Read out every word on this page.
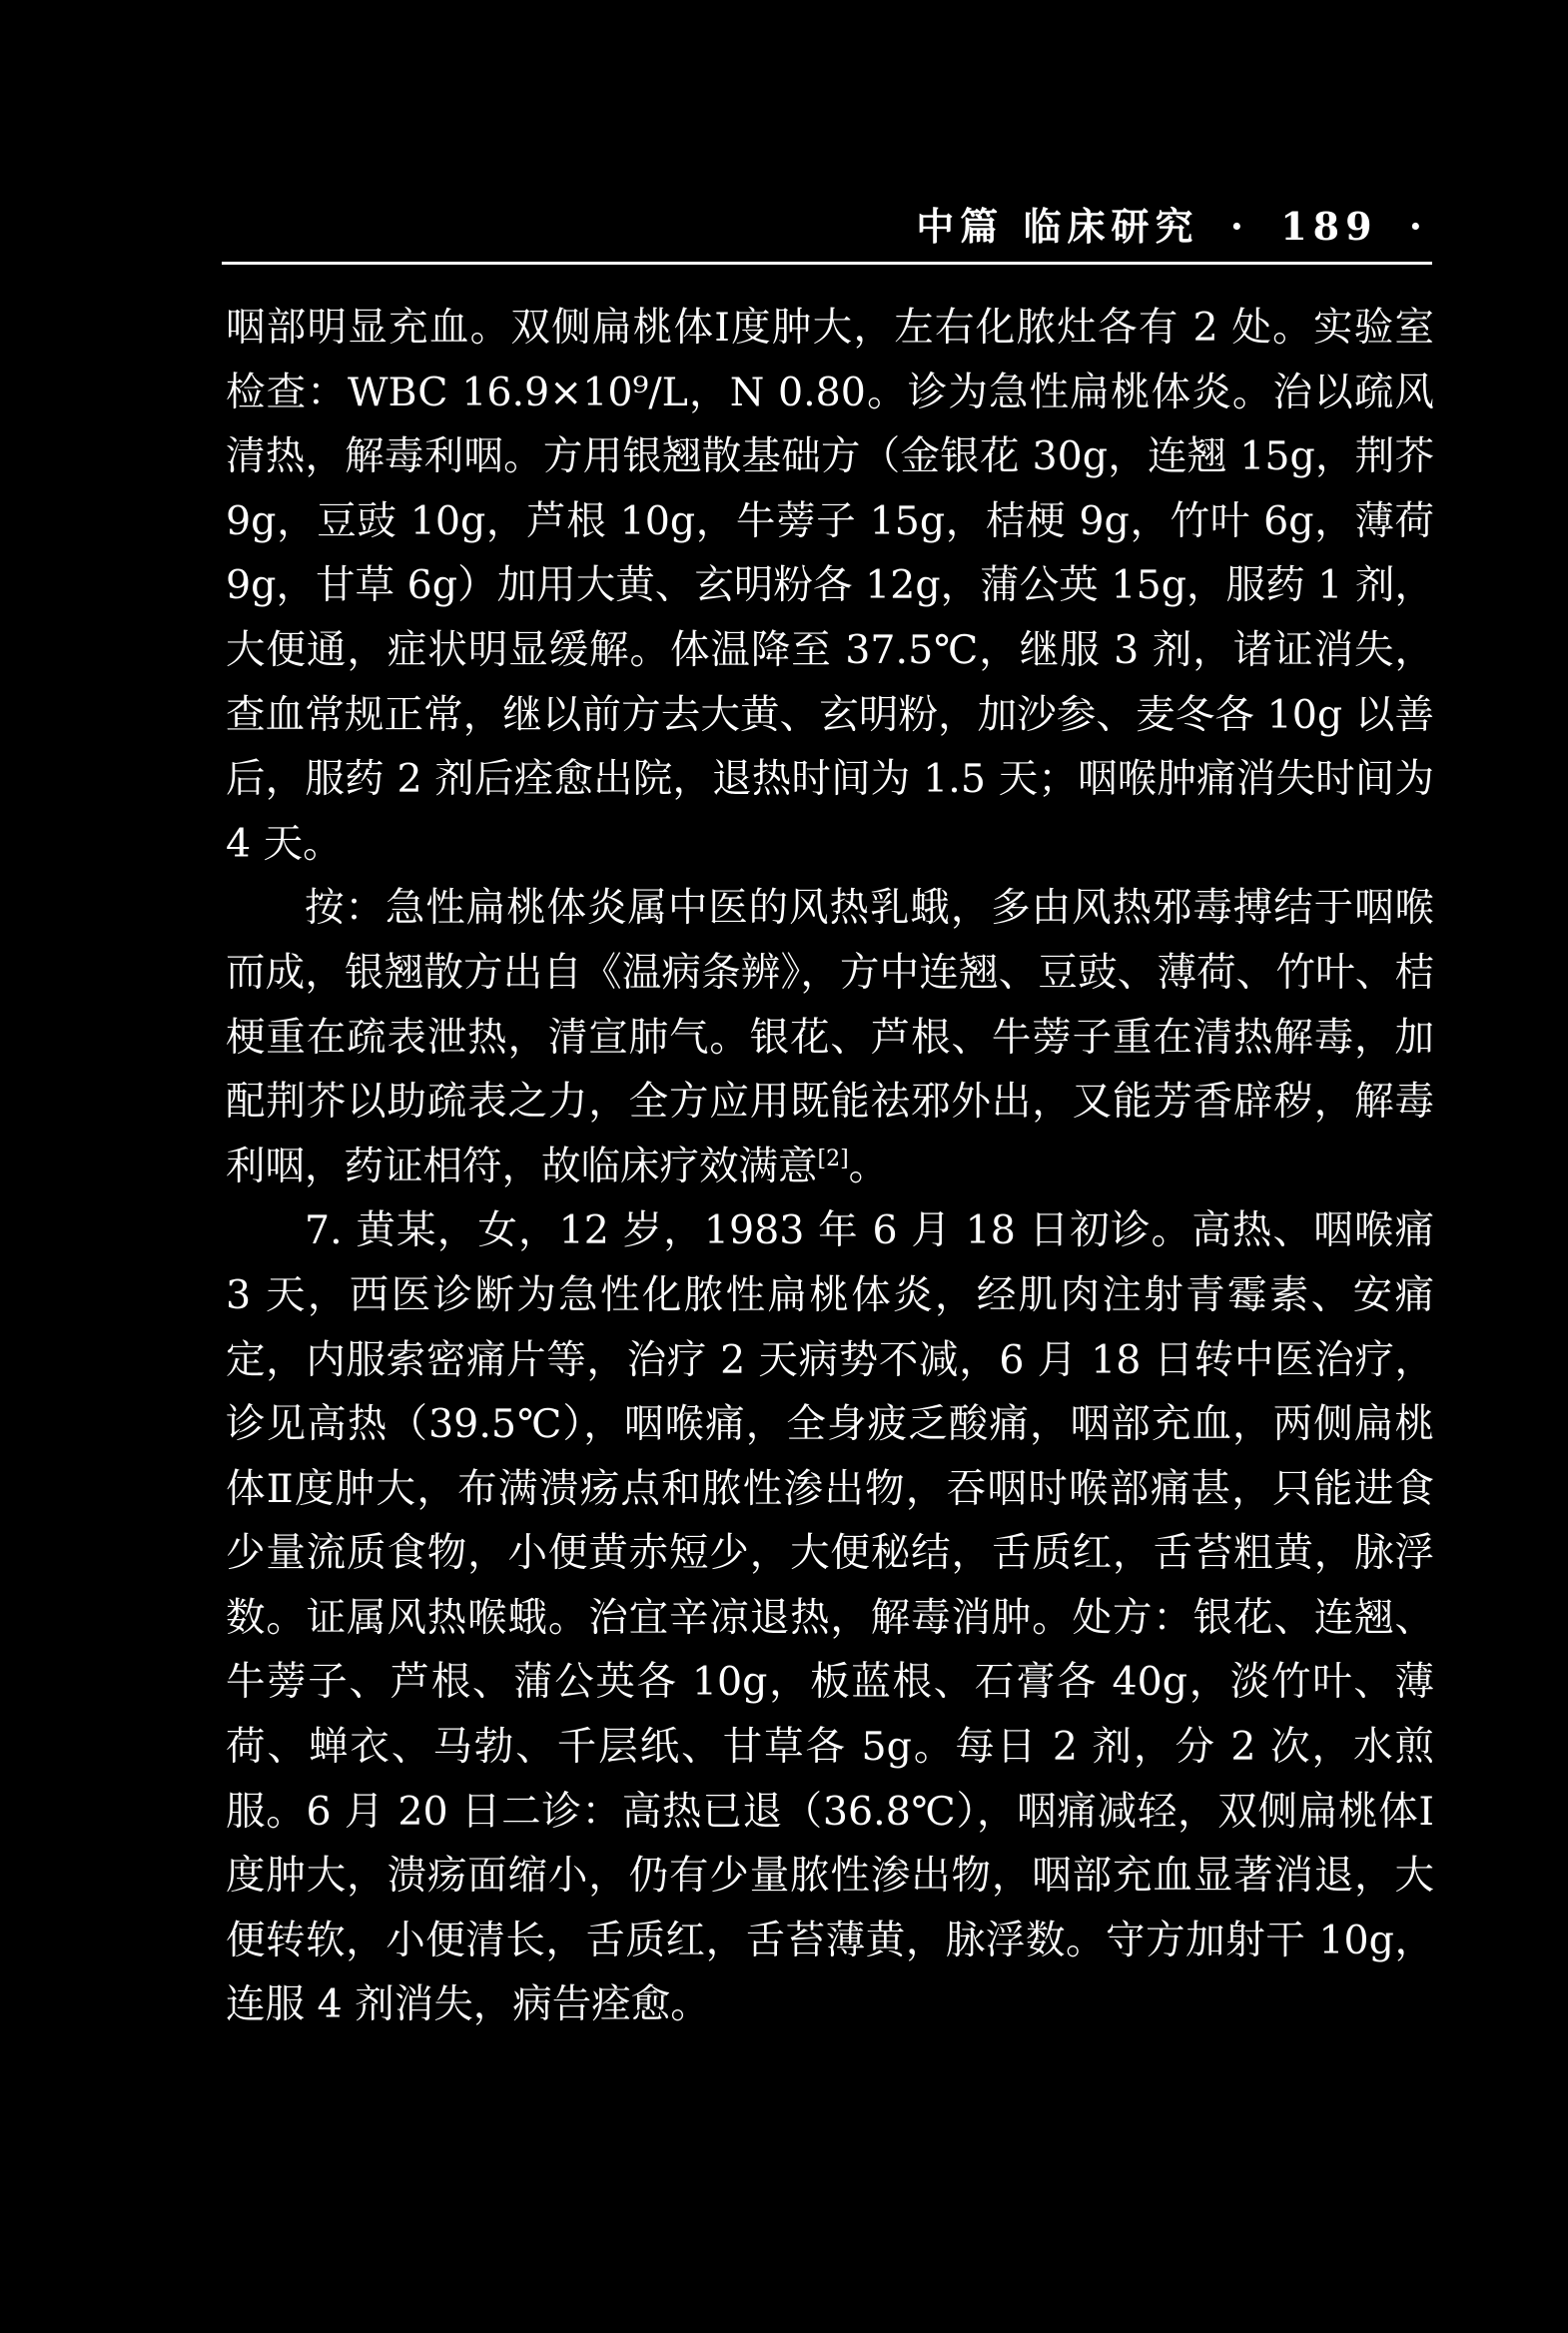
中篇 临床研究 · 189 ·

咽部明显充血。双侧扁桃体Ⅰ度肿大，左右化脓灶各有 2 处。实验室检查：WBC 16.9×10⁹/L，N 0.80。诊为急性扁桃体炎。治以疏风清热，解毒利咽。方用银翘散基础方（金银花 30g，连翘 15g，荆芥 9g，豆豉 10g，芦根 10g，牛蒡子 15g，桔梗 9g，竹叶 6g，薄荷 9g，甘草 6g）加用大黄、玄明粉各 12g，蒲公英 15g，服药 1 剂，大便通，症状明显缓解。体温降至 37.5℃，继服 3 剂，诸证消失，查血常规正常，继以前方去大黄、玄明粉，加沙参、麦冬各 10g 以善后，服药 2 剂后痊愈出院，退热时间为 1.5 天；咽喉肿痛消失时间为 4 天。

按：急性扁桃体炎属中医的风热乳蛾，多由风热邪毒搏结于咽喉而成，银翘散方出自《温病条辨》，方中连翘、豆豉、薄荷、竹叶、桔梗重在疏表泄热，清宣肺气。银花、芦根、牛蒡子重在清热解毒，加配荆芥以助疏表之力，全方应用既能祛邪外出，又能芳香辟秽，解毒利咽，药证相符，故临床疗效满意[2]。

7. 黄某，女，12 岁，1983 年 6 月 18 日初诊。高热、咽喉痛 3 天，西医诊断为急性化脓性扁桃体炎，经肌肉注射青霉素、安痛定，内服索密痛片等，治疗 2 天病势不减，6 月 18 日转中医治疗，诊见高热（39.5℃），咽喉痛，全身疲乏酸痛，咽部充血，两侧扁桃体Ⅱ度肿大，布满溃疡点和脓性渗出物，吞咽时喉部痛甚，只能进食少量流质食物，小便黄赤短少，大便秘结，舌质红，舌苔粗黄，脉浮数。证属风热喉蛾。治宜辛凉退热，解毒消肿。处方：银花、连翘、牛蒡子、芦根、蒲公英各 10g，板蓝根、石膏各 40g，淡竹叶、薄荷、蝉衣、马勃、千层纸、甘草各 5g。每日 2 剂，分 2 次，水煎服。6 月 20 日二诊：高热已退（36.8℃），咽痛减轻，双侧扁桃体Ⅰ度肿大，溃疡面缩小，仍有少量脓性渗出物，咽部充血显著消退，大便转软，小便清长，舌质红，舌苔薄黄，脉浮数。守方加射干 10g，连服 4 剂消失，病告痊愈。
